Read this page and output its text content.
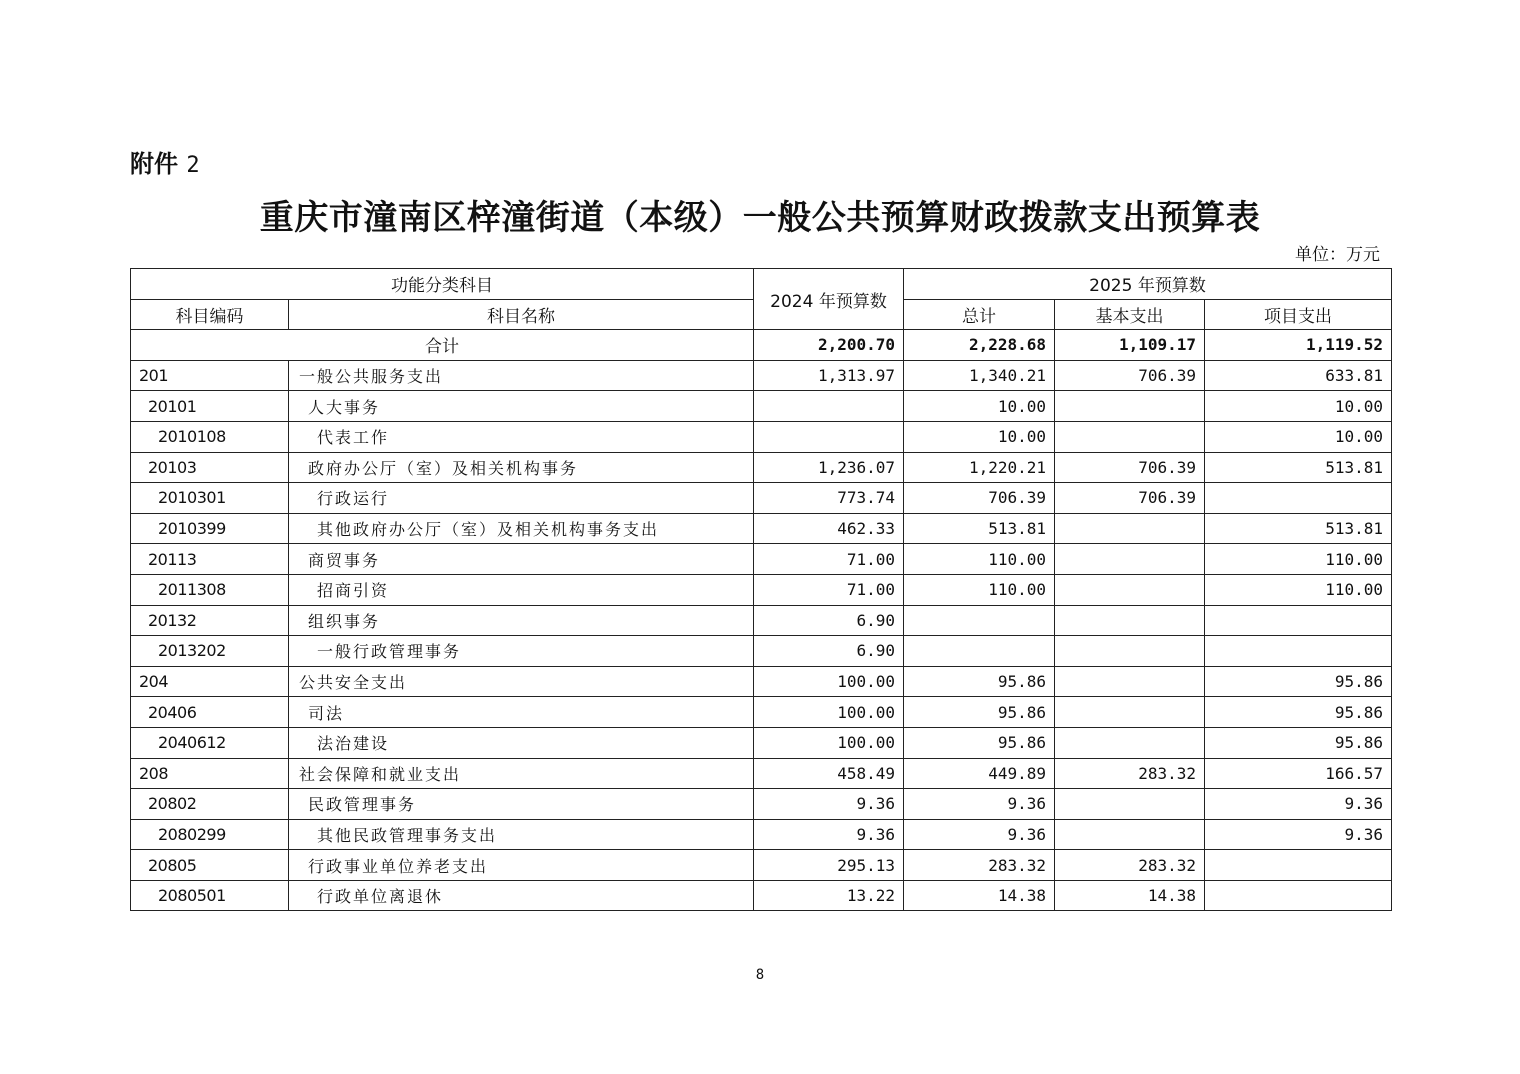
附件 2
重庆市潼南区梓潼街道（本级）一般公共预算财政拨款支出预算表
单位：万元
功能分类科目		2024 年预算数	2025 年预算数		
科目编码	科目名称		总计	基本支出	项目支出
合计		2,200.70	2,228.68	1,109.17	1,119.52
201	一般公共服务支出	1,313.97	1,340.21	706.39	633.81
20101	人大事务		10.00		10.00
2010108	代表工作		10.00		10.00
20103	政府办公厅（室）及相关机构事务	1,236.07	1,220.21	706.39	513.81
2010301	行政运行	773.74	706.39	706.39	
2010399	其他政府办公厅（室）及相关机构事务支出	462.33	513.81		513.81
20113	商贸事务	71.00	110.00		110.00
2011308	招商引资	71.00	110.00		110.00
20132	组织事务	6.90			
2013202	一般行政管理事务	6.90			
204	公共安全支出	100.00	95.86		95.86
20406	司法	100.00	95.86		95.86
2040612	法治建设	100.00	95.86		95.86
208	社会保障和就业支出	458.49	449.89	283.32	166.57
20802	民政管理事务	9.36	9.36		9.36
2080299	其他民政管理事务支出	9.36	9.36		9.36
20805	行政事业单位养老支出	295.13	283.32	283.32	
2080501	行政单位离退休	13.22	14.38	14.38	
8
